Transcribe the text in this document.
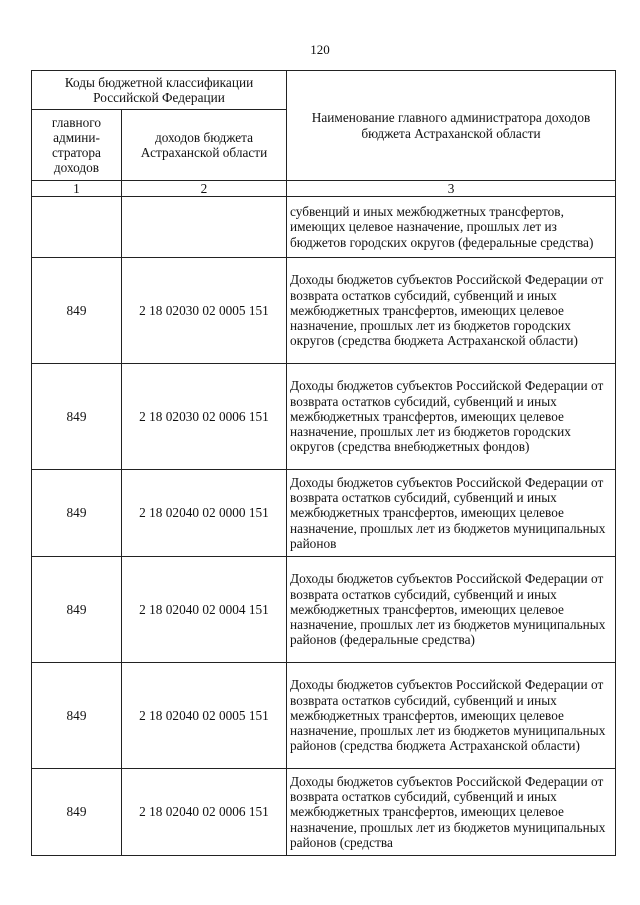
120
Коды бюджетной классификации Российской Федерации		Наименование главного администратора доходов бюджета Астраханской области
главного админи-стратора доходов	доходов бюджета Астраханской области	
1	2	3
		субвенций и иных межбюджетных трансфертов, имеющих целевое назначение, прошлых лет из бюджетов городских округов (федеральные средства)
849	2 18 02030 02 0005 151	Доходы бюджетов субъектов Российской Федерации от возврата остатков субсидий, субвенций и иных межбюджетных трансфертов, имеющих целевое назначение, прошлых лет из бюджетов городских округов (средства бюджета Астраханской области)
849	2 18 02030 02 0006 151	Доходы бюджетов субъектов Российской Федерации от возврата остатков субсидий, субвенций и иных межбюджетных трансфертов, имеющих целевое назначение, прошлых лет из бюджетов городских округов (средства внебюджетных фондов)
849	2 18 02040 02 0000 151	Доходы бюджетов субъектов Российской Федерации от возврата остатков субсидий, субвенций и иных межбюджетных трансфертов, имеющих целевое назначение, прошлых лет из бюджетов муниципальных районов
849	2 18 02040 02 0004 151	Доходы бюджетов субъектов Российской Федерации от возврата остатков субсидий, субвенций и иных межбюджетных трансфертов, имеющих целевое назначение, прошлых лет из бюджетов муниципальных районов (федеральные средства)
849	2 18 02040 02 0005 151	Доходы бюджетов субъектов Российской Федерации от возврата остатков субсидий, субвенций и иных межбюджетных трансфертов, имеющих целевое назначение, прошлых лет из бюджетов муниципальных районов (средства бюджета Астраханской области)
849	2 18 02040 02 0006 151	Доходы бюджетов субъектов Российской Федерации от возврата остатков субсидий, субвенций и иных межбюджетных трансфертов, имеющих целевое назначение, прошлых лет из бюджетов муниципальных районов (средства
